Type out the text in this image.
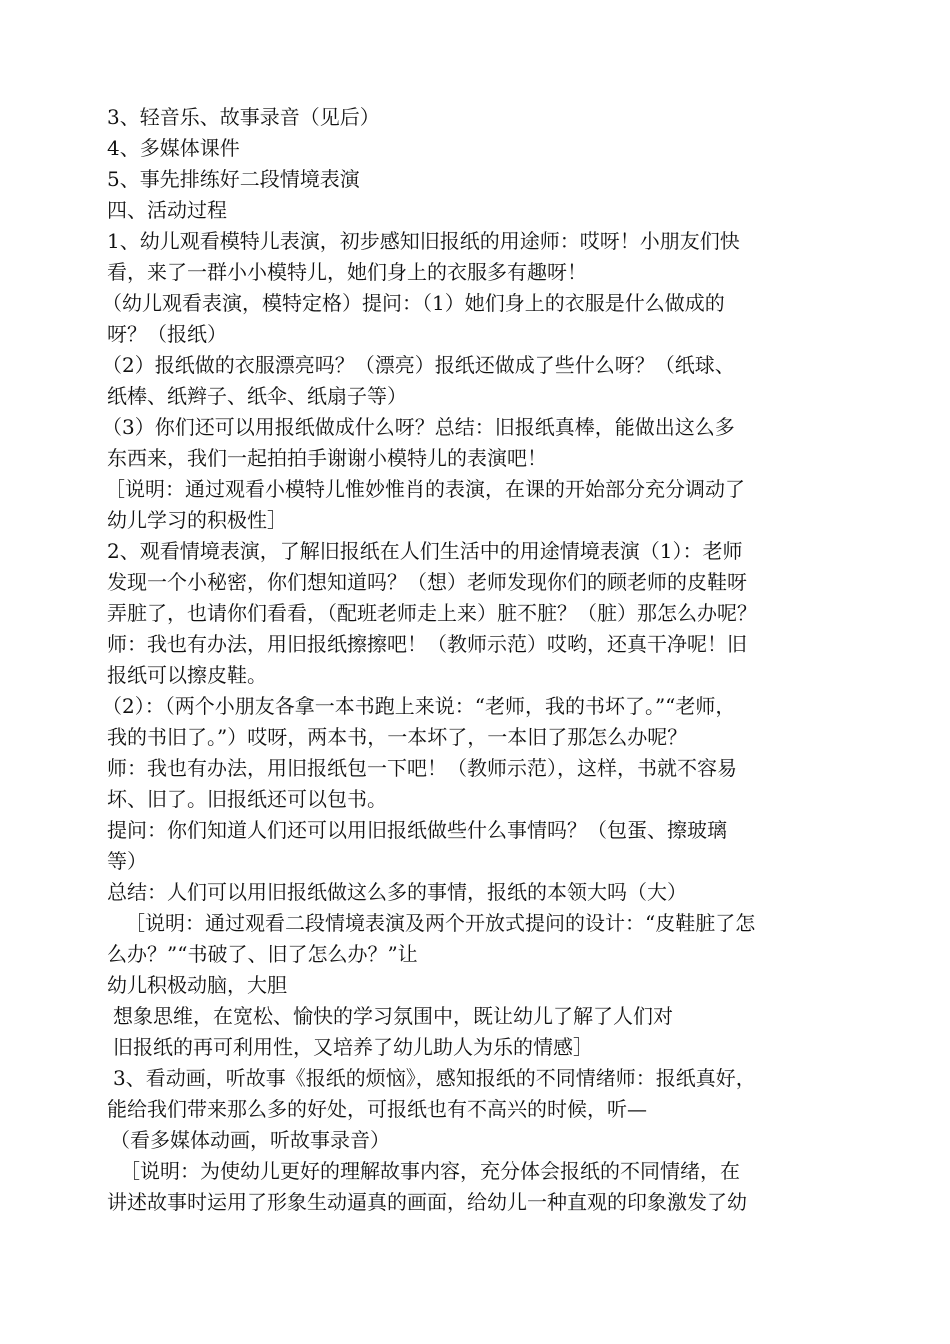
3、轻音乐、故事录音（见后）
4、多媒体课件
5、事先排练好二段情境表演
四、活动过程
1、幼儿观看模特儿表演，初步感知旧报纸的用途师：哎呀！小朋友们快
看，来了一群小小模特儿，她们身上的衣服多有趣呀！
（幼儿观看表演，模特定格）提问：（1）她们身上的衣服是什么做成的
呀？（报纸）
（2）报纸做的衣服漂亮吗？（漂亮）报纸还做成了些什么呀？（纸球、
纸棒、纸辫子、纸伞、纸扇子等）
（3）你们还可以用报纸做成什么呀？总结：旧报纸真棒，能做出这么多
东西来，我们一起拍拍手谢谢小模特儿的表演吧！
［说明：通过观看小模特儿惟妙惟肖的表演，在课的开始部分充分调动了
幼儿学习的积极性］
2、观看情境表演，了解旧报纸在人们生活中的用途情境表演（1）：老师
发现一个小秘密，你们想知道吗？（想）老师发现你们的顾老师的皮鞋呀
弄脏了，也请你们看看，（配班老师走上来）脏不脏？（脏）那怎么办呢？
师：我也有办法，用旧报纸擦擦吧！（教师示范）哎哟，还真干净呢！旧
报纸可以擦皮鞋。
（2）：（两个小朋友各拿一本书跑上来说：“老师，我的书坏了。”“老师，
我的书旧了。”）哎呀，两本书，一本坏了，一本旧了那怎么办呢？
师：我也有办法，用旧报纸包一下吧！（教师示范），这样，书就不容易
坏、旧了。旧报纸还可以包书。
提问：你们知道人们还可以用旧报纸做些什么事情吗？（包蛋、擦玻璃
等）
总结：人们可以用旧报纸做这么多的事情，报纸的本领大吗（大）
［说明：通过观看二段情境表演及两个开放式提问的设计：“皮鞋脏了怎
么办？”“书破了、旧了怎么办？”让
幼儿积极动脑，大胆
想象思维，在宽松、愉快的学习氛围中，既让幼儿了解了人们对
旧报纸的再可利用性，又培养了幼儿助人为乐的情感］
3、看动画，听故事《报纸的烦恼》，感知报纸的不同情绪师：报纸真好，
能给我们带来那么多的好处，可报纸也有不高兴的时候，听—
（看多媒体动画，听故事录音）
［说明：为使幼儿更好的理解故事内容，充分体会报纸的不同情绪，在
讲述故事时运用了形象生动逼真的画面，给幼儿一种直观的印象激发了幼
